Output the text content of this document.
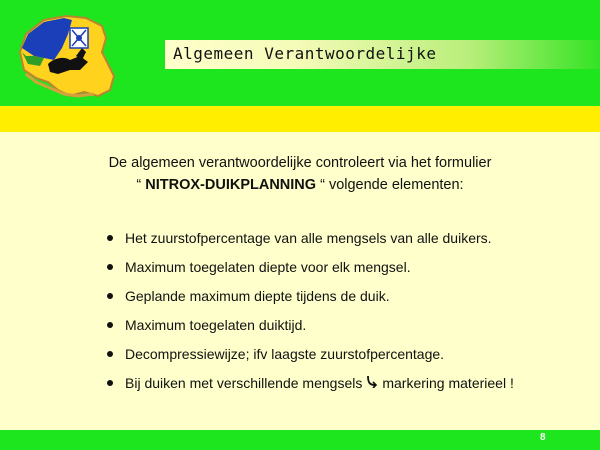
Algemeen Verantwoordelijke
De algemeen verantwoordelijke controleert via het formulier
“ NITROX-DUIKPLANNING “ volgende elementen:
Het zuurstofpercentage van alle mengsels van alle duikers.
Maximum toegelaten diepte voor elk mengsel.
Geplande maximum diepte tijdens de duik.
Maximum toegelaten duiktijd.
Decompressiewijze; ifv laagste zuurstofpercentage.
Bij duiken met verschillende mengsels markering materieel !
8
